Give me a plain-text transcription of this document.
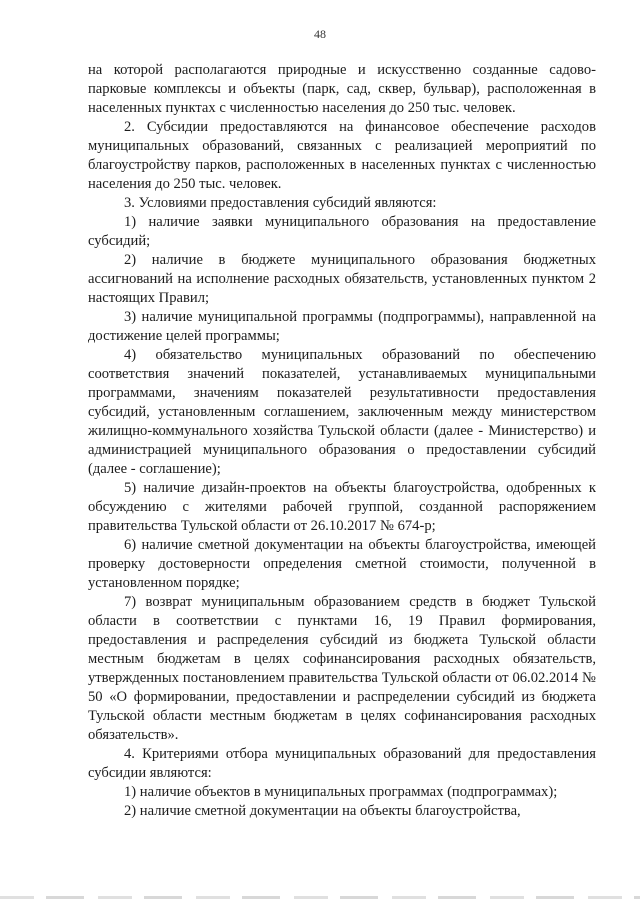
48

на которой располагаются природные и искусственно созданные садово-парковые комплексы и объекты (парк, сад, сквер, бульвар), расположенная в населенных пунктах с численностью населения до 250 тыс. человек.

2. Субсидии предоставляются на финансовое обеспечение расходов муниципальных образований, связанных с реализацией мероприятий по благоустройству парков, расположенных в населенных пунктах с численностью населения до 250 тыс. человек.

3. Условиями предоставления субсидий являются:

1) наличие заявки муниципального образования на предоставление субсидий;

2) наличие в бюджете муниципального образования бюджетных ассигнований на исполнение расходных обязательств, установленных пунктом 2 настоящих Правил;

3) наличие муниципальной программы (подпрограммы), направленной на достижение целей программы;

4) обязательство муниципальных образований по обеспечению соответствия значений показателей, устанавливаемых муниципальными программами, значениям показателей результативности предоставления субсидий, установленным соглашением, заключенным между министерством жилищно-коммунального хозяйства Тульской области (далее - Министерство) и администрацией муниципального образования о предоставлении субсидий (далее - соглашение);

5) наличие дизайн-проектов на объекты благоустройства, одобренных к обсуждению с жителями рабочей группой, созданной распоряжением правительства Тульской области от 26.10.2017 № 674-р;

6) наличие сметной документации на объекты благоустройства, имеющей проверку достоверности определения сметной стоимости, полученной в установленном порядке;

7) возврат муниципальным образованием средств в бюджет Тульской области в соответствии с пунктами 16, 19 Правил формирования, предоставления и распределения субсидий из бюджета Тульской области местным бюджетам в целях софинансирования расходных обязательств, утвержденных постановлением правительства Тульской области от 06.02.2014 № 50 «О формировании, предоставлении и распределении субсидий из бюджета Тульской области местным бюджетам в целях софинансирования расходных обязательств».

4. Критериями отбора муниципальных образований для предоставления субсидии являются:

1) наличие объектов в муниципальных программах (подпрограммах);

2) наличие сметной документации на объекты благоустройства,
